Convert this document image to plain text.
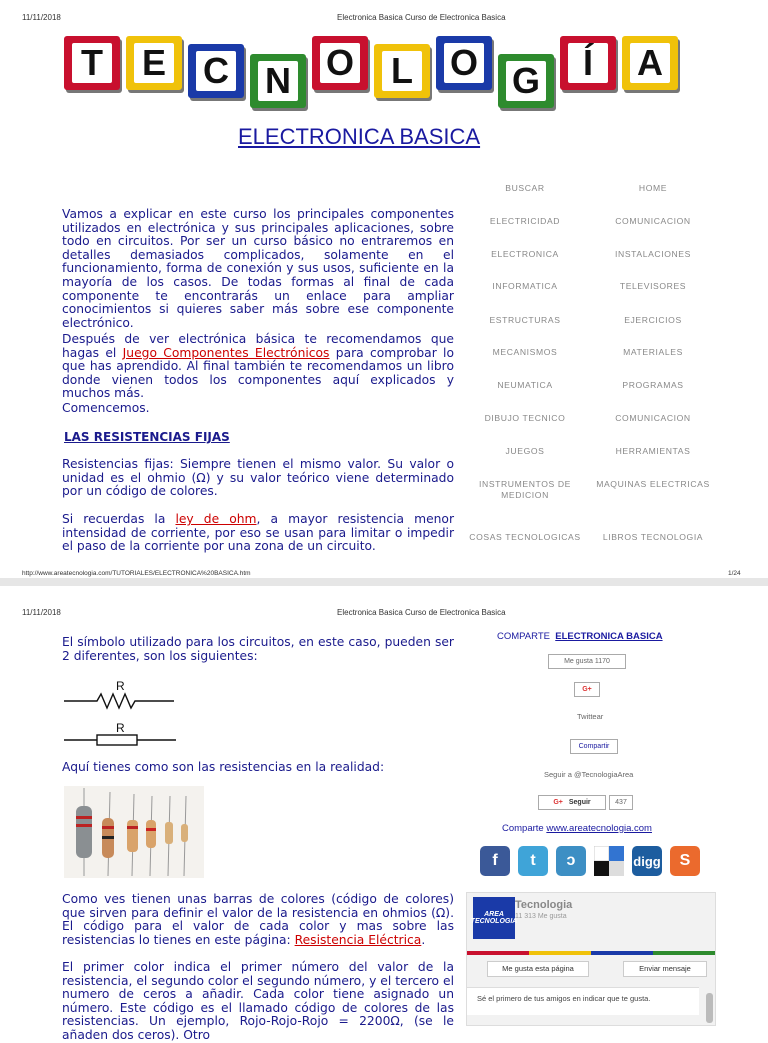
11/11/2018	Electronica Basica Curso de Electronica Basica
T E C N O L O G	Í	A
ELECTRONICA BASICA
Vamos a explicar en este curso los principales componentes utilizados en electrónica y sus principales aplicaciones, sobre todo en circuitos. Por ser un curso básico no entraremos en detalles demasiados complicados, solamente en el funcionamiento, forma de conexión y sus usos, suficiente en la mayoría de los casos. De todas formas al final de cada componente te encontrarás un enlace para ampliar conocimientos si quieres saber más sobre ese componente electrónico.
Después de ver electrónica básica te recomendamos que hagas el Juego Componentes Electrónicos para comprobar lo que has aprendido. Al final también te recomendamos un libro donde vienen todos los componentes aquí explicados y muchos más.
Comencemos.
LAS RESISTENCIAS FIJAS
Resistencias fijas: Siempre tienen el mismo valor. Su valor o unidad es el ohmio (Ω) y su valor teórico viene determinado por un código de colores.
Si recuerdas la ley de ohm, a mayor resistencia menor intensidad de corriente, por eso se usan para limitar o impedir el paso de la corriente por una zona de un circuito.
BUSCAR	HOME
ELECTRICIDAD	COMUNICACION
ELECTRONICA	INSTALACIONES
INFORMATICA	TELEVISORES
ESTRUCTURAS	EJERCICIOS
MECANISMOS	MATERIALES
NEUMATICA	PROGRAMAS
DIBUJO TECNICO	COMUNICACION
JUEGOS	HERRAMIENTAS
INSTRUMENTOS DE MEDICION
MAQUINAS ELECTRICAS
COSAS TECNOLOGICAS	LIBROS TECNOLOGIA
http://www.areatecnologia.com/TUTORIALES/ELECTRONICA%20BASICA.htm	1/24
11/11/2018	Electronica Basica Curso de Electronica Basica
El símbolo utilizado para los circuitos, en este caso, pueden ser 2 diferentes, son los siguientes:
R
R
Aquí tienes como son las resistencias en la realidad:
Como ves tienen unas barras de colores (código de colores) que sirven para definir el valor de la resistencia en ohmios (Ω). El código para el valor de cada color y mas sobre las resistencias lo tienes en este página: Resistencia Eléctrica.
El primer color indica el primer número del valor de la resistencia, el segundo color el segundo número, y el tercero el numero de ceros a añadir. Cada color tiene asignado un número. Este código es el llamado código de colores de las resistencias. Un ejemplo, Rojo-Rojo-Rojo = 2200Ω, (se le añaden dos ceros). Otro
COMPARTE ELECTRONICA BASICA
Me gusta 1170
G+
Twittear
Compartir
Seguir a @TecnologiaArea
G+ Seguir	437
Comparte www.areatecnologia.com
f	t	ↄ	digg	S
AREA
TECNOLOGIA
Tecnologia
11 313 Me gusta
Me gusta esta página	Enviar mensaje
Sé el primero de tus amigos en indicar que te gusta.
